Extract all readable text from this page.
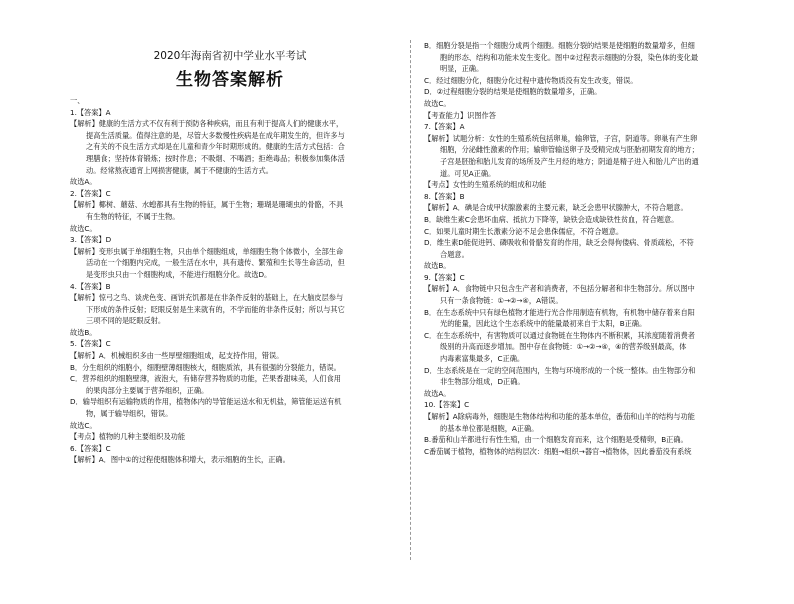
2020年海南省初中学业水平考试
生物答案解析
一、
1.【答案】A
【解析】健康的生活方式不仅有利于预防各种疾病，而且有利于提高人们的健康水平，
提高生活质量。值得注意的是，尽管大多数慢性疾病是在成年期发生的，但许多与
之有关的不良生活方式却是在儿童和青少年时期形成的。健康的生活方式包括：合
理膳食；坚持体育锻炼；按时作息；不吸烟、不喝酒；拒绝毒品；积极参加集体活
动。经常熬夜通宵上网损害健康，属于不健康的生活方式。
故选A。
2.【答案】C
【解析】椰树、蘑菇、水螅都具有生物的特征，属于生物；珊瑚是珊瑚虫的骨骼，不具
有生物的特征，不属于生物。
故选C。
3.【答案】D
【解析】变形虫属于单细胞生物，只由单个细胞组成，单细胞生物个体微小，全部生命
活动在一个细胞内完成，一般生活在水中，具有遗传、繁殖和生长等生命活动，但
是变形虫只由一个细胞构成，不能进行细胞分化。故选D。
4.【答案】B
【解析】惊弓之鸟、谈虎色变、画饼充饥都是在非条件反射的基础上，在大脑皮层参与
下形成的条件反射；眨眼反射是生来就有的，不学而能的非条件反射；所以与其它
三项不同的是眨眼反射。
故选B。
5.【答案】C
【解析】A．机械组织多由一些厚壁细胞组成，起支持作用，错误。
B．分生组织的细胞小，细胞壁薄细胞核大，细胞质浓，具有很强的分裂能力，错误。
C．营养组织的细胞壁薄，液泡大，有储存营养物质的功能，芒果香甜味美，人们食用
的果肉部分主要属于营养组织，正确。
D．输导组织有运输物质的作用，植物体内的导管能运送水和无机盐，筛管能运送有机
物，属于输导组织，错误。
故选C。
【考点】植物的几种主要组织及功能
6.【答案】C
【解析】A．图中①的过程使细胞体积增大，表示细胞的生长，正确。
B．细胞分裂是指一个细胞分成两个细胞。细胞分裂的结果是使细胞的数量增多，但细
胞的形态、结构和功能未发生变化。图中②过程表示细胞的分裂，染色体的变化最
明显，正确。
C．经过细胞分化，细胞分化过程中遗传物质没有发生改变，错误。
D．②过程细胞分裂的结果是使细胞的数量增多，正确。
故选C。
【考查能力】识图作答
7.【答案】A
【解析】试题分析：女性的生殖系统包括卵巢，输卵管，子宫，阴道等。卵巢有产生卵
细胞，分泌雌性激素的作用；输卵管输送卵子及受精完成与胚胎初期发育的地方；
子宫是胚胎和胎儿发育的场所及产生月经的地方；阴道是精子进入和胎儿产出的通
道。可见A正确。
【考点】女性的生殖系统的组成和功能
8.【答案】B
【解析】A．碘是合成甲状腺激素的主要元素，缺乏会患甲状腺肿大，不符合题意。
B．缺维生素C会患坏血病、抵抗力下降等，缺铁会造成缺铁性贫血，符合题意。
C．如果儿童时期生长激素分泌不足会患侏儒症，不符合题意。
D．维生素D能促进钙、磷吸收和骨骼发育的作用，缺乏会得佝偻病、骨质疏松，不符
合题意。
故选B。
9.【答案】C
【解析】A．食物链中只包含生产者和消费者，不包括分解者和非生物部分。所以图中
只有一条食物链：①→②→④，A错误。
B．在生态系统中只有绿色植物才能进行光合作用制造有机物，有机物中储存着来自阳
光的能量，因此这个生态系统中的能量最初来自于太阳，B正确。
C．在生态系统中，有害物质可以通过食物链在生物体内不断积累，其浓度随着消费者
级别的升高而逐步增加。图中存在食物链：①→②→④，④的营养级别最高，体
内毒素富集最多，C正确。
D．生态系统是在一定的空间范围内，生物与环境形成的一个统一整体。由生物部分和
非生物部分组成，D正确。
故选A。
10.【答案】C
【解析】A除病毒外，细胞是生物体结构和功能的基本单位，番茄和山羊的结构与功能
的基本单位都是细胞，A正确。
B.番茄和山羊都进行有性生殖，由一个细胞发育而来，这个细胞是受精卵，B正确。
C番茄属于植物，植物体的结构层次：细胞→组织→器官→植物体，因此番茄没有系统
